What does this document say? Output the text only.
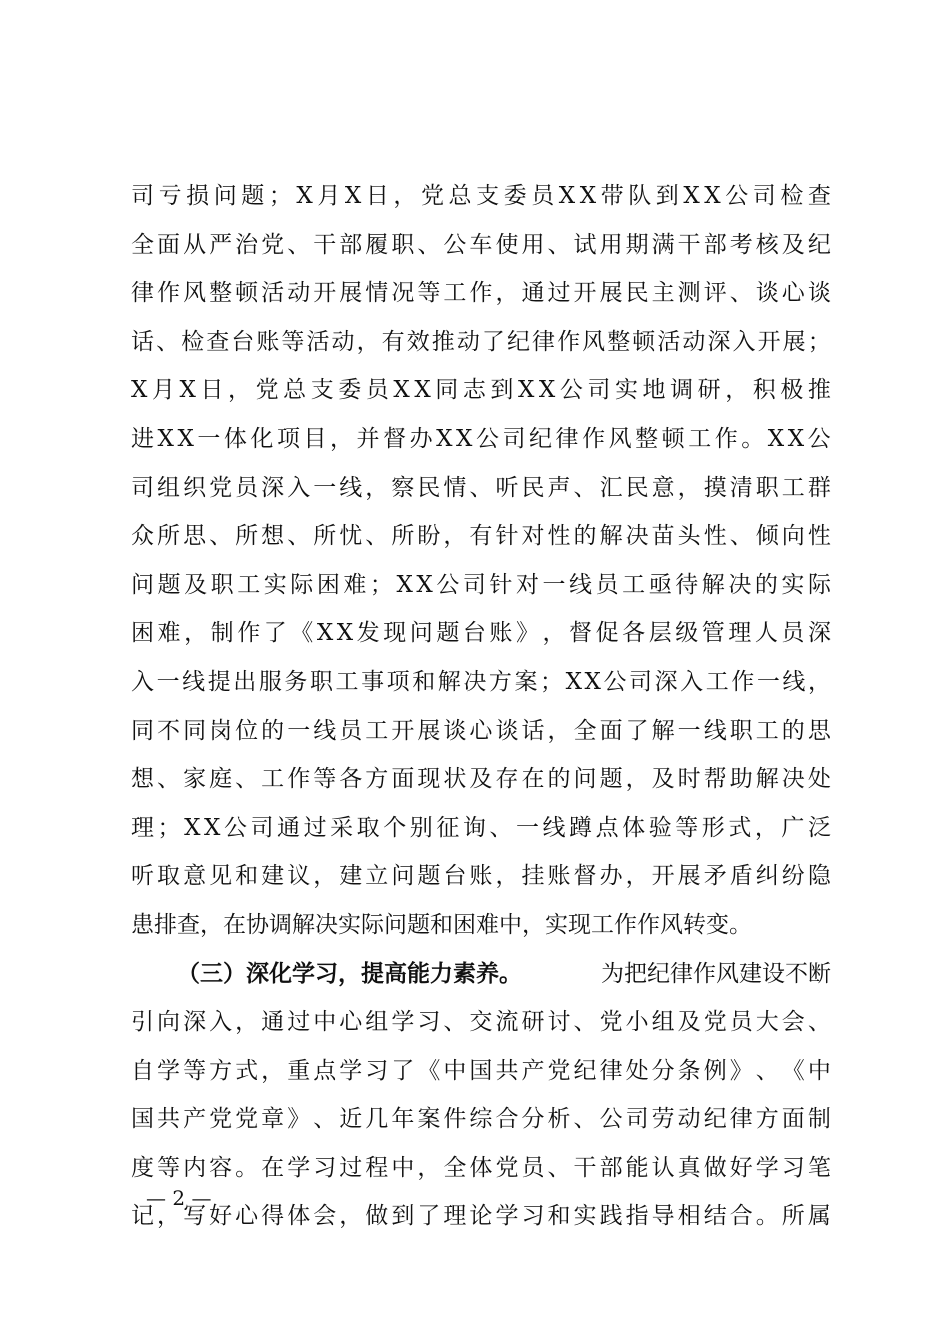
司 亏 损 问 题 ； X 月 X 日 ， 党 总 支 委 员 X X 带 队 到 X X 公 司 检 查
全 面 从 严 治 党 、 干 部 履 职 、 公 车 使 用 、 试 用 期 满 干 部 考 核 及 纪
律 作 风 整 顿 活 动 开 展 情 况 等 工 作 ， 通 过 开 展 民 主 测 评 、 谈 心 谈
话 、 检 查 台 账 等 活 动 ， 有 效 推 动 了 纪 律 作 风 整 顿 活 动 深 入 开 展 ；
X 月 X 日 ， 党 总 支 委 员 X X 同 志 到 X X 公 司 实 地 调 研 ， 积 极 推
进 X X 一 体 化 项 目 ， 并 督 办 X X 公 司 纪 律 作 风 整 顿 工 作 。 X X 公
司 组 织 党 员 深 入 一 线 ， 察 民 情 、 听 民 声 、 汇 民 意 ， 摸 清 职 工 群
众 所 思 、 所 想 、 所 忧 、 所 盼 ， 有 针 对 性 的 解 决 苗 头 性 、 倾 向 性
问 题 及 职 工 实 际 困 难 ； X X 公 司 针 对 一 线 员 工 亟 待 解 决 的 实 际
困 难 ， 制 作 了 《 X X 发 现 问 题 台 账 》 ， 督 促 各 层 级 管 理 人 员 深
入 一 线 提 出 服 务 职 工 事 项 和 解 决 方 案 ； X X 公 司 深 入 工 作 一 线 ，
同 不 同 岗 位 的 一 线 员 工 开 展 谈 心 谈 话 ， 全 面 了 解 一 线 职 工 的 思
想 、 家 庭 、 工 作 等 各 方 面 现 状 及 存 在 的 问 题 ， 及 时 帮 助 解 决 处
理 ； X X 公 司 通 过 采 取 个 别 征 询 、 一 线 蹲 点 体 验 等 形 式 ， 广 泛
听 取 意 见 和 建 议 ， 建 立 问 题 台 账 ， 挂 账 督 办 ， 开 展 矛 盾 纠 纷 隐
患排查，在协调解决实际问题和困难中，实现工作作风转变。
（三）深化学习，提高能力素养。	为把纪律作风建设不断
引 向 深 入 ， 通 过 中 心 组 学 习 、 交 流 研 讨 、 党 小 组 及 党 员 大 会 、
自 学 等 方 式 ， 重 点 学 习 了 《 中 国 共 产 党 纪 律 处 分 条 例 》 、 《 中
国 共 产 党 党 章 》 、 近 几 年 案 件 综 合 分 析 、 公 司 劳 动 纪 律 方 面 制
度 等 内 容 。 在 学 习 过 程 中 ， 全 体 党 员 、 干 部 能 认 真 做 好 学 习 笔
记 ， 写 好 心 得 体 会 ， 做 到 了 理 论 学 习 和 实 践 指 导 相 结 合 。 所 属
— 2 —
